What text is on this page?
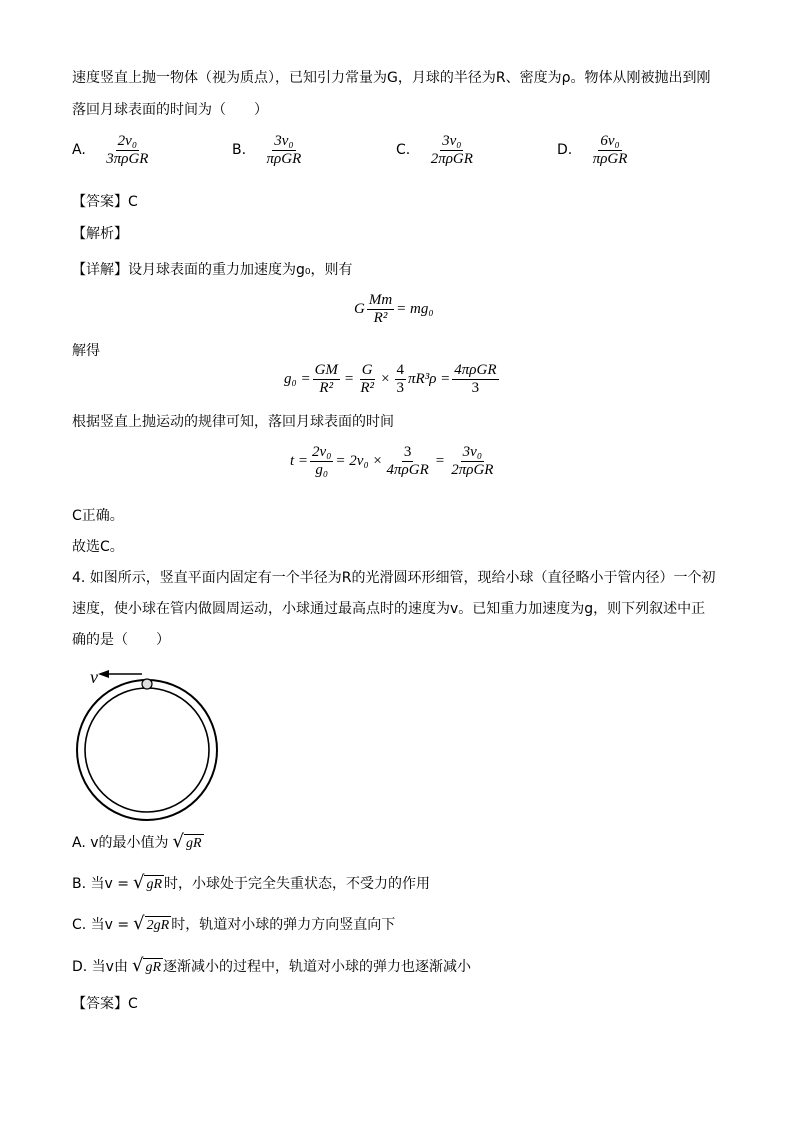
速度竖直上抛一物体（视为质点），已知引力常量为G，月球的半径为R、密度为ρ。物体从刚被抛出到刚
落回月球表面的时间为（　　）
A. $\frac{\text{2v₀}}{\text{3πρGR}}$	B. $\frac{\text{3v₀}}{\text{πρGR}}$	C. $\frac{\text{3v₀}}{\text{2πρGR}}$	D. $\frac{\text{6v₀}}{\text{πρGR}}$
【答案】C
【解析】
【详解】设月球表面的重力加速度为g₀，则有
G $\frac{Mm}{\text{R²}} = mg_0$
解得
$g_0 = \frac{GM}{\text{R²}} = \frac{G}{\text{R²}} \times \frac{4}{3} \pi R^3\rho = \frac{\text{4πρGR}}{3}$
根据竖直上抛运动的规律可知，落回月球表面的时间
$t = \frac{\text{2v₀}}{\text{g₀}} = 2v_0 \times \frac{3}{\text{4πρGR}} = \frac{\text{3v₀}}{\text{2πρGR}}$
C正确。
故选C。
4. 如图所示，竖直平面内固定有一个半径为R的光滑圆环形细管，现给小球（直径略小于管内径）一个初
速度，使小球在管内做圆周运动，小球通过最高点时的速度为v。已知重力加速度为g，则下列叙述中正
确的是（　　）
v
A. v的最小值为 √ gR
B. 当v = √ gR 时，小球处于完全失重状态，不受力的作用
C. 当v = √ 2gR 时，轨道对小球的弹力方向竖直向下
D. 当v由 √ gR 逐渐减小的过程中，轨道对小球的弹力也逐渐减小
【答案】C
